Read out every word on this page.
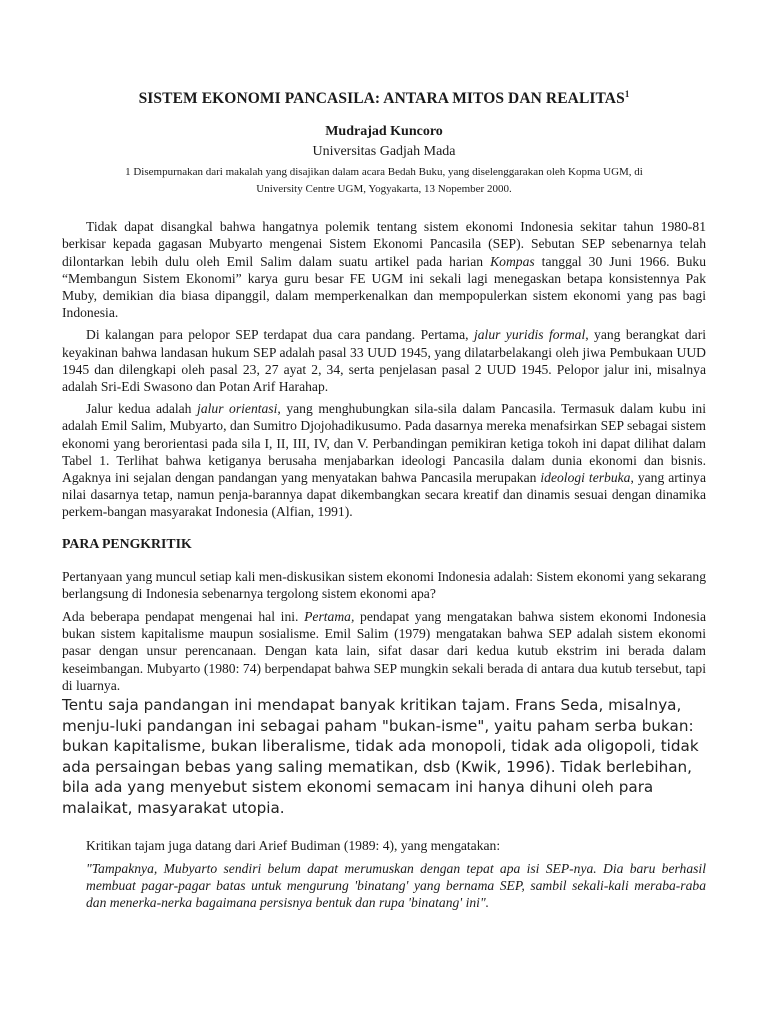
SISTEM EKONOMI PANCASILA: ANTARA MITOS DAN REALITAS$^1$
Mudrajad Kuncoro
Universitas Gadjah Mada
1 Disempurnakan dari makalah yang disajikan dalam acara Bedah Buku, yang diselenggarakan oleh Kopma UGM, di University Centre UGM, Yogyakarta, 13 Nopember 2000.

Tidak dapat disangkal bahwa hangatnya polemik tentang sistem ekonomi Indonesia sekitar tahun 1980-81 berkisar kepada gagasan Mubyarto mengenai Sistem Ekonomi Pancasila (SEP). Sebutan SEP sebenarnya telah dilontarkan lebih dulu oleh Emil Salim dalam suatu artikel pada harian Kompas tanggal 30 Juni 1966. Buku “Membangun Sistem Ekonomi” karya guru besar FE UGM ini sekali lagi menegaskan betapa konsistennya Pak Muby, demikian dia biasa dipanggil, dalam memperkenalkan dan mempopulerkan sistem ekonomi yang pas bagi Indonesia.

Di kalangan para pelopor SEP terdapat dua cara pandang. Pertama, jalur yuridis formal, yang berangkat dari keyakinan bahwa landasan hukum SEP adalah pasal 33 UUD 1945, yang dilatarbelakangi oleh jiwa Pembukaan UUD 1945 dan dilengkapi oleh pasal 23, 27 ayat 2, 34, serta penjelasan pasal 2 UUD 1945. Pelopor jalur ini, misalnya adalah Sri-Edi Swasono dan Potan Arif Harahap.

Jalur kedua adalah jalur orientasi, yang menghubungkan sila-sila dalam Pancasila. Termasuk dalam kubu ini adalah Emil Salim, Mubyarto, dan Sumitro Djojohadikusumo. Pada dasarnya mereka menafsirkan SEP sebagai sistem ekonomi yang berorientasi pada sila I, II, III, IV, dan V. Perbandingan pemikiran ketiga tokoh ini dapat dilihat dalam Tabel 1. Terlihat bahwa ketiganya berusaha menjabarkan ideologi Pancasila dalam dunia ekonomi dan bisnis. Agaknya ini sejalan dengan pandangan yang menyatakan bahwa Pancasila merupakan ideologi terbuka, yang artinya nilai dasarnya tetap, namun penja-barannya dapat dikembangkan secara kreatif dan dinamis sesuai dengan dinamika perkem-bangan masyarakat Indonesia (Alfian, 1991).

PARA PENGKRITIK

Pertanyaan yang muncul setiap kali men-diskusikan sistem ekonomi Indonesia adalah: Sistem ekonomi yang sekarang berlangsung di Indonesia sebenarnya tergolong sistem ekonomi apa?

Ada beberapa pendapat mengenai hal ini. Pertama, pendapat yang mengatakan bahwa sistem ekonomi Indonesia bukan sistem kapitalisme maupun sosialisme. Emil Salim (1979) mengatakan bahwa SEP adalah sistem ekonomi pasar dengan unsur perencanaan. Dengan kata lain, sifat dasar dari kedua kutub ekstrim ini berada dalam keseimbangan. Mubyarto (1980: 74) berpendapat bahwa SEP mungkin sekali berada di antara dua kutub tersebut, tapi di luarnya.

Tentu saja pandangan ini mendapat banyak kritikan tajam. Frans Seda, misalnya, menju-luki pandangan ini sebagai paham "bukan-isme", yaitu paham serba bukan: bukan kapitalisme, bukan liberalisme, tidak ada monopoli, tidak ada oligopoli, tidak ada persaingan bebas yang saling mematikan, dsb (Kwik, 1996). Tidak berlebihan, bila ada yang menyebut sistem ekonomi semacam ini hanya dihuni oleh para malaikat, masyarakat utopia.

Kritikan tajam juga datang dari Arief Budiman (1989: 4), yang mengatakan:

"Tampaknya, Mubyarto sendiri belum dapat merumuskan dengan tepat apa isi SEP-nya. Dia baru berhasil membuat pagar-pagar batas untuk mengurung 'binatang' yang bernama SEP, sambil sekali-kali meraba-raba dan menerka-nerka bagaimana persisnya bentuk dan rupa 'binatang' ini".
